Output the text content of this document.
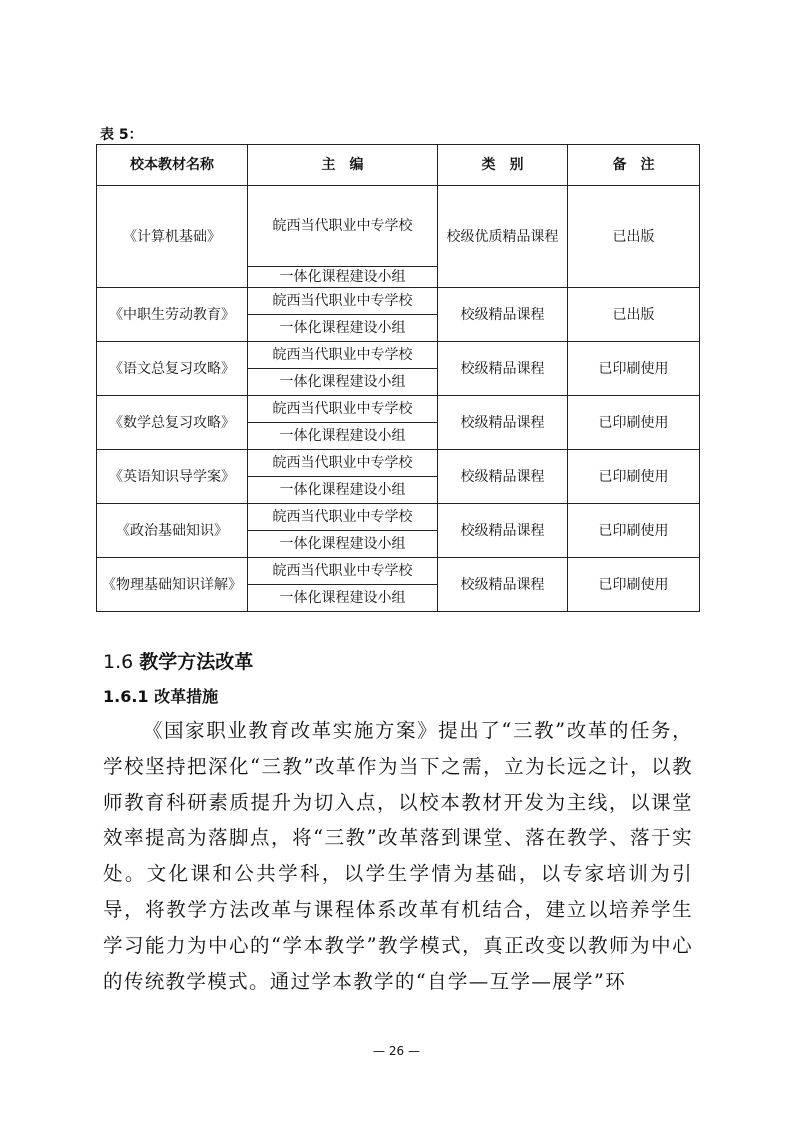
表 5：
校本教材名称	主　编	类　别	备　注
《计算机基础》	皖西当代职业中专学校	校级优质精品课程	已出版
	一体化课程建设小组		
《中职生劳动教育》	皖西当代职业中专学校	校级精品课程	已出版
	一体化课程建设小组		
《语文总复习攻略》	皖西当代职业中专学校	校级精品课程	已印刷使用
	一体化课程建设小组		
《数学总复习攻略》	皖西当代职业中专学校	校级精品课程	已印刷使用
	一体化课程建设小组		
《英语知识导学案》	皖西当代职业中专学校	校级精品课程	已印刷使用
	一体化课程建设小组		
《政治基础知识》	皖西当代职业中专学校	校级精品课程	已印刷使用
	一体化课程建设小组		
《物理基础知识详解》	皖西当代职业中专学校	校级精品课程	已印刷使用
	一体化课程建设小组		
1.6 教学方法改革
1.6.1 改革措施

《国家职业教育改革实施方案》提出了“三教”改革的任务，学校坚持把深化“三教”改革作为当下之需，立为长远之计，以教师教育科研素质提升为切入点，以校本教材开发为主线，以课堂效率提高为落脚点，将“三教”改革落到课堂、落在教学、落于实处。文化课和公共学科，以学生学情为基础，以专家培训为引导，将教学方法改革与课程体系改革有机结合，建立以培养学生学习能力为中心的“学本教学”教学模式，真正改变以教师为中心的传统教学模式。通过学本教学的“自学—互学—展学”环

— 26 —
